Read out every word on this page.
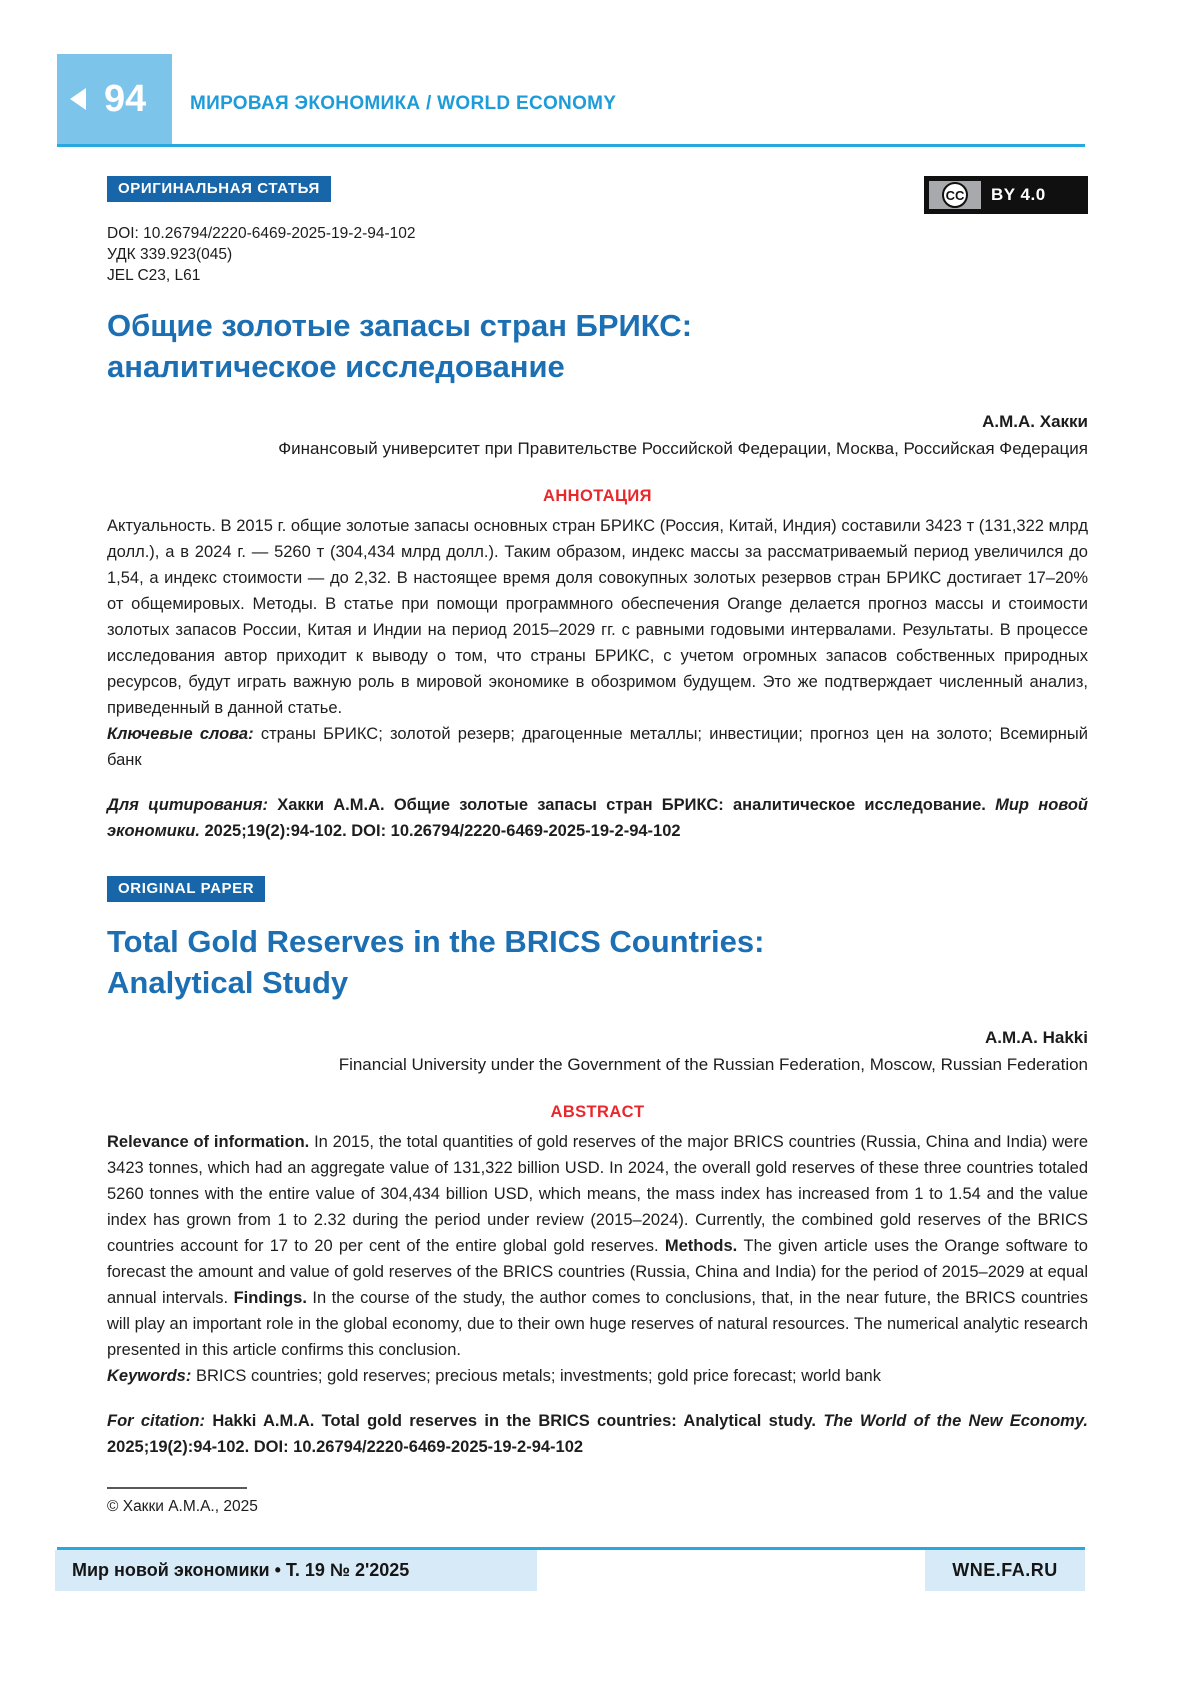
94 МИРОВАЯ ЭКОНОМИКА / WORLD ECONOMY
ОРИГИНАЛЬНАЯ СТАТЬЯ	CC	BY 4.0
DOI: 10.26794/2220-6469-2025-19-2-94-102
УДК 339.923(045)
JEL C23, L61
Общие золотые запасы стран БРИКС:
аналитическое исследование
А.М.А. Хакки
Финансовый университет при Правительстве Российской Федерации, Москва, Российская Федерация
АННОТАЦИЯ

Актуальность. В 2015 г. общие золотые запасы основных стран БРИКС (Россия, Китай, Индия) составили 3423 т (131,322 млрд долл.), а в 2024 г. — 5260 т (304,434 млрд долл.). Таким образом, индекс массы за рассматриваемый период увеличился до 1,54, а индекс стоимости — до 2,32. В настоящее время доля совокупных золотых резервов стран БРИКС достигает 17–20% от общемировых. Методы. В статье при помощи программного обеспечения Orange делается прогноз массы и стоимости золотых запасов России, Китая и Индии на период 2015–2029 гг. с равными годовыми интервалами. Результаты. В процессе исследования автор приходит к выводу о том, что страны БРИКС, с учетом огромных запасов собственных природных ресурсов, будут играть важную роль в мировой экономике в обозримом будущем. Это же подтверждает численный анализ, приведенный в данной статье.

Ключевые слова: страны БРИКС; золотой резерв; драгоценные металлы; инвестиции; прогноз цен на золото; Всемирный банк

Для цитирования: Хакки А.М.А. Общие золотые запасы стран БРИКС: аналитическое исследование. Мир новой экономики. 2025;19(2):94-102. DOI: 10.26794/2220-6469-2025-19-2-94-102

ORIGINAL PAPER
Total Gold Reserves in the BRICS Countries:
Analytical Study
A.M.A. Hakki
Financial University under the Government of the Russian Federation, Moscow, Russian Federation
ABSTRACT

Relevance of information. In 2015, the total quantities of gold reserves of the major BRICS countries (Russia, China and India) were 3423 tonnes, which had an aggregate value of 131,322 billion USD. In 2024, the overall gold reserves of these three countries totaled 5260 tonnes with the entire value of 304,434 billion USD, which means, the mass index has increased from 1 to 1.54 and the value index has grown from 1 to 2.32 during the period under review (2015–2024). Currently, the combined gold reserves of the BRICS countries account for 17 to 20 per cent of the entire global gold reserves. Methods. The given article uses the Orange software to forecast the amount and value of gold reserves of the BRICS countries (Russia, China and India) for the period of 2015–2029 at equal annual intervals. Findings. In the course of the study, the author comes to conclusions, that, in the near future, the BRICS countries will play an important role in the global economy, due to their own huge reserves of natural resources. The numerical analytic research presented in this article confirms this conclusion.

Keywords: BRICS countries; gold reserves; precious metals; investments; gold price forecast; world bank

For citation: Hakki A.M.A. Total gold reserves in the BRICS countries: Analytical study. The World of the New Economy. 2025;19(2):94-102. DOI: 10.26794/2220-6469-2025-19-2-94-102

© Хакки А.М.А., 2025
Мир новой экономики • Т. 19 № 2'2025	WNE.FA.RU
